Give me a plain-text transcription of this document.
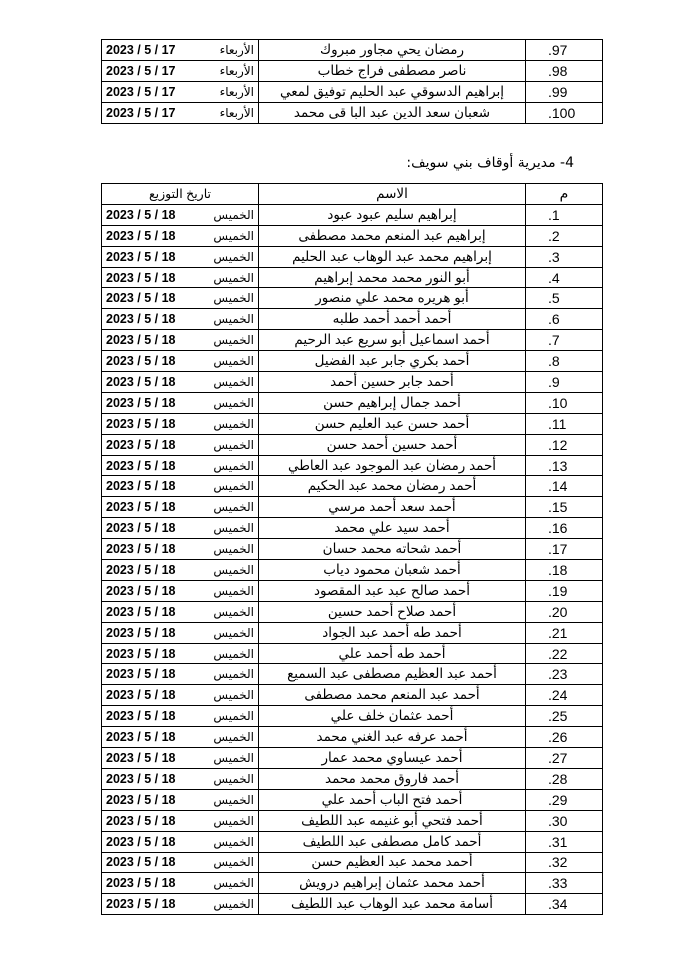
2023 / 5 / 17 الأربعاء	رمضان يحي مجاور مبروك	.97

2023 / 5 / 17 الأربعاء	ناصر مصطفى فراج خطاب	.98

2023 / 5 / 17 الأربعاء	إبراهيم الدسوقي عبد الحليم توفيق لمعي	.99

2023 / 5 / 17 الأربعاء	شعبان سعد الدين عبد البا قى محمد	.100
4- مديرية أوقاف بني سويف:
تاريخ التوزيع	الاسم	م

2023 / 5 / 18 الخميس	إبراهيم سليم عبود عبود	.1

2023 / 5 / 18 الخميس	إبراهيم عبد المنعم محمد مصطفى	.2

2023 / 5 / 18 الخميس	إبراهيم محمد عبد الوهاب عبد الحليم	.3

2023 / 5 / 18 الخميس	أبو النور محمد محمد إبراهيم	.4

2023 / 5 / 18 الخميس	أبو هريره محمد علي منصور	.5

2023 / 5 / 18 الخميس	أحمد أحمد أحمد طلبه	.6

2023 / 5 / 18 الخميس	أحمد اسماعيل أبو سريع عبد الرحيم	.7

2023 / 5 / 18 الخميس	أحمد بكري جابر عبد الفضيل	.8

2023 / 5 / 18 الخميس	أحمد جابر حسين أحمد	.9

2023 / 5 / 18 الخميس	أحمد جمال إبراهيم حسن	.10

2023 / 5 / 18 الخميس	أحمد حسن عبد العليم حسن	.11

2023 / 5 / 18 الخميس	أحمد حسين أحمد حسن	.12

2023 / 5 / 18 الخميس	أحمد رمضان عبد الموجود عبد العاطي	.13

2023 / 5 / 18 الخميس	أحمد رمضان محمد عبد الحكيم	.14

2023 / 5 / 18 الخميس	أحمد سعد أحمد مرسي	.15

2023 / 5 / 18 الخميس	أحمد سيد علي محمد	.16

2023 / 5 / 18 الخميس	أحمد شحاته محمد حسان	.17

2023 / 5 / 18 الخميس	أحمد شعبان محمود دياب	.18

2023 / 5 / 18 الخميس	أحمد صالح عبد عبد المقصود	.19

2023 / 5 / 18 الخميس	أحمد صلاح أحمد حسين	.20

2023 / 5 / 18 الخميس	أحمد طه أحمد عبد الجواد	.21

2023 / 5 / 18 الخميس	أحمد طه أحمد علي	.22

2023 / 5 / 18 الخميس	أحمد عبد العظيم مصطفى عبد السميع	.23

2023 / 5 / 18 الخميس	أحمد عبد المنعم محمد مصطفى	.24

2023 / 5 / 18 الخميس	أحمد عثمان خلف علي	.25

2023 / 5 / 18 الخميس	أحمد عرفه عبد الغني محمد	.26

2023 / 5 / 18 الخميس	أحمد عيساوي محمد عمار	.27

2023 / 5 / 18 الخميس	أحمد فاروق محمد محمد	.28

2023 / 5 / 18 الخميس	أحمد فتح الباب أحمد علي	.29

2023 / 5 / 18 الخميس	أحمد فتحي أبو غنيمه عبد اللطيف	.30

2023 / 5 / 18 الخميس	أحمد كامل مصطفى عبد اللطيف	.31

2023 / 5 / 18 الخميس	أحمد محمد عبد العظيم حسن	.32

2023 / 5 / 18 الخميس	أحمد محمد عثمان إبراهيم درويش	.33

2023 / 5 / 18 الخميس	أسامة محمد عبد الوهاب عبد اللطيف	.34
